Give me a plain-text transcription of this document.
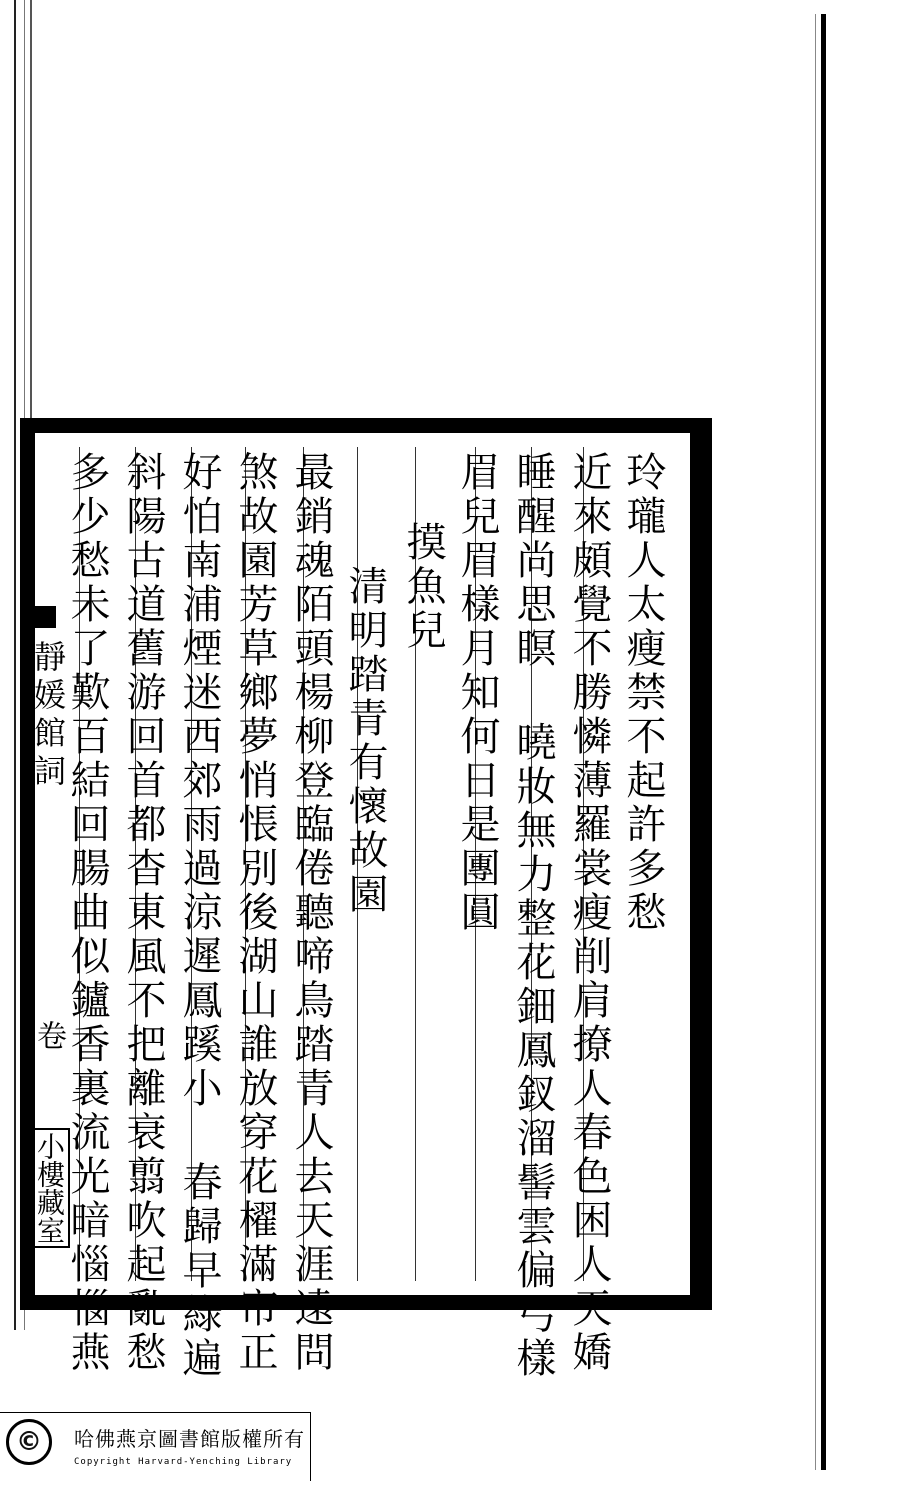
玲瓏人太瘦禁不起許多愁
近來頗覺不勝憐薄羅裳瘦削肩撩人春色困人天嬌
睡醒尚思瞑 曉妝無力整花鈿鳳釵溜髻雲偏弓樣
眉兒眉樣月知何日是團圓
摸魚兒
清明踏青有懷故園
最銷魂陌頭楊柳登臨倦聽啼鳥踏青人去天涯遠問
煞故園芳草鄉夢悄悵別後湖山誰放穿花櫂滿帘正
好怕南浦煙迷西郊雨過涼遲鳳蹊小 春歸早綠遍
斜陽古道舊游回首都杳東風不把離衰翦吹起亂愁
多少愁未了歎百結回腸曲似鑪香裏流光暗惱惱燕
靜媛館詞
卷
小樓藏室
©	哈佛燕京圖書館版權所有
Copyright Harvard-Yenching Library
